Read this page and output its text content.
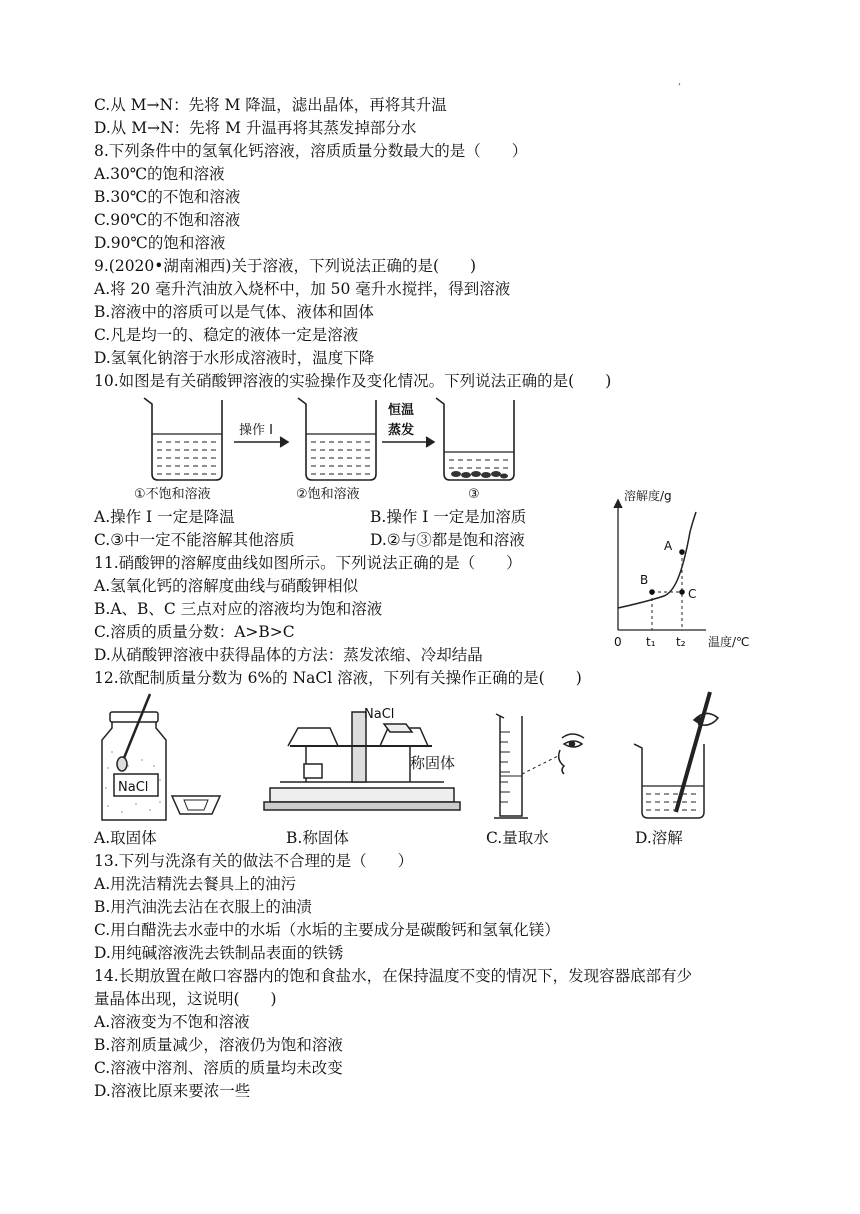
,
C.从 M→N：先将 M 降温，滤出晶体，再将其升温
D.从 M→N：先将 M 升温再将其蒸发掉部分水
8.下列条件中的氢氧化钙溶液，溶质质量分数最大的是（　　）
A.30℃的饱和溶液
B.30℃的不饱和溶液
C.90℃的不饱和溶液
D.90℃的饱和溶液
9.(2020•湖南湘西)关于溶液，下列说法正确的是(　　)
A.将 20 毫升汽油放入烧杯中，加 50 毫升水搅拌，得到溶液
B.溶液中的溶质可以是气体、液体和固体
C.凡是均一的、稳定的液体一定是溶液
D.氢氧化钠溶于水形成溶液时，温度下降
10.如图是有关硝酸钾溶液的实验操作及变化情况。下列说法正确的是(　　)
操作 I
恒温
蒸发
①不饱和溶液	②饱和溶液	③
A.操作 I 一定是降温	B.操作 I 一定是加溶质
C.③中一定不能溶解其他溶质	D.②与③都是饱和溶液
溶解度/g
温度/℃
0 t₁ t₂
A
B
C
11.硝酸钾的溶解度曲线如图所示。下列说法正确的是（　　）
A.氢氧化钙的溶解度曲线与硝酸钾相似
B.A、B、C 三点对应的溶液均为饱和溶液
C.溶质的质量分数：A>B>C
D.从硝酸钾溶液中获得晶体的方法：蒸发浓缩、冷却结晶
12.欲配制质量分数为 6%的 NaCl 溶液，下列有关操作正确的是(　　)
NaCl
NaCl
称固体
A.取固体	B.称固体	C.量取水	D.溶解
13.下列与洗涤有关的做法不合理的是（　　）
A.用洗洁精洗去餐具上的油污
B.用汽油洗去沾在衣服上的油渍
C.用白醋洗去水壶中的水垢（水垢的主要成分是碳酸钙和氢氧化镁）
D.用纯碱溶液洗去铁制品表面的铁锈
14.长期放置在敞口容器内的饱和食盐水，在保持温度不变的情况下，发现容器底部有少
量晶体出现，这说明(　　)
A.溶液变为不饱和溶液
B.溶剂质量减少，溶液仍为饱和溶液
C.溶液中溶剂、溶质的质量均未改变
D.溶液比原来要浓一些
